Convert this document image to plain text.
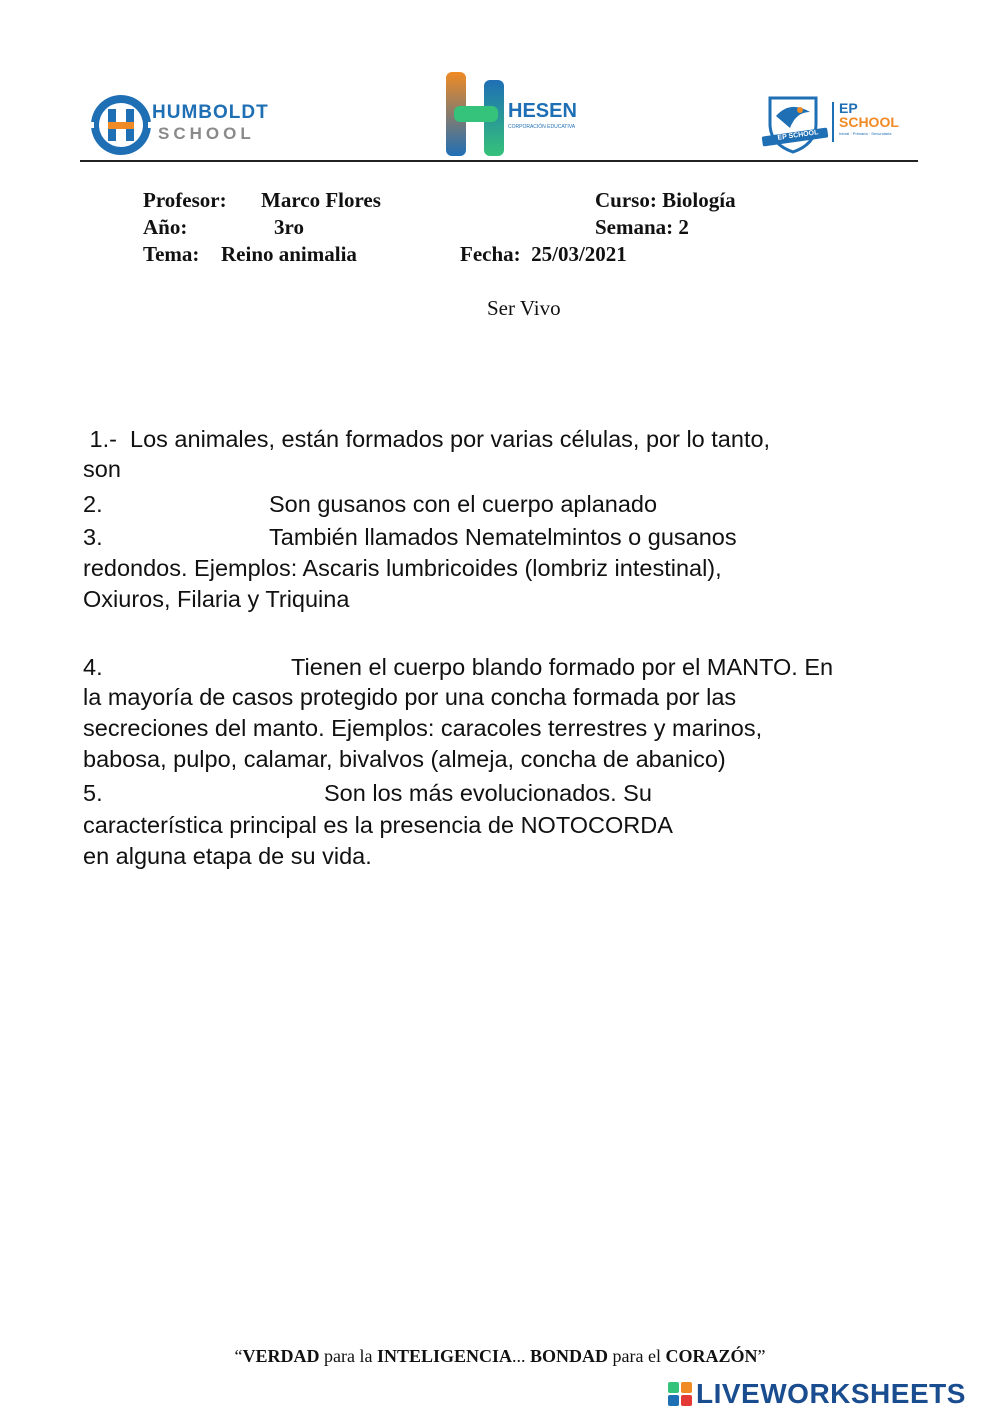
HUMBOLDT
SCHOOL
HESEN
CORPORACIÓN EDUCATIVA
EP SCHOOL
EP
SCHOOL
Inicial · Primaria · Secundaria
Profesor: Marco Flores	Curso: Biología
Año:	3ro	Semana: 2
Tema: Reino animalia	Fecha:  25/03/2021
Ser Vivo
1.-  Los animales, están formados por varias células, por lo tanto,
son
2.	Son gusanos con el cuerpo aplanado
3.	También llamados Nematelmintos o gusanos
redondos. Ejemplos: Ascaris lumbricoides (lombriz intestinal),
Oxiuros, Filaria y Triquina
4.	Tienen el cuerpo blando formado por el MANTO. En
la mayoría de casos protegido por una concha formada por las
secreciones del manto. Ejemplos: caracoles terrestres y marinos,
babosa, pulpo, calamar, bivalvos (almeja, concha de abanico)
5.	Son los más evolucionados. Su
característica principal es la presencia de NOTOCORDA
en alguna etapa de su vida.
“VERDAD para la INTELIGENCIA... BONDAD para el CORAZÓN”
LIVEWORKSHEETS
